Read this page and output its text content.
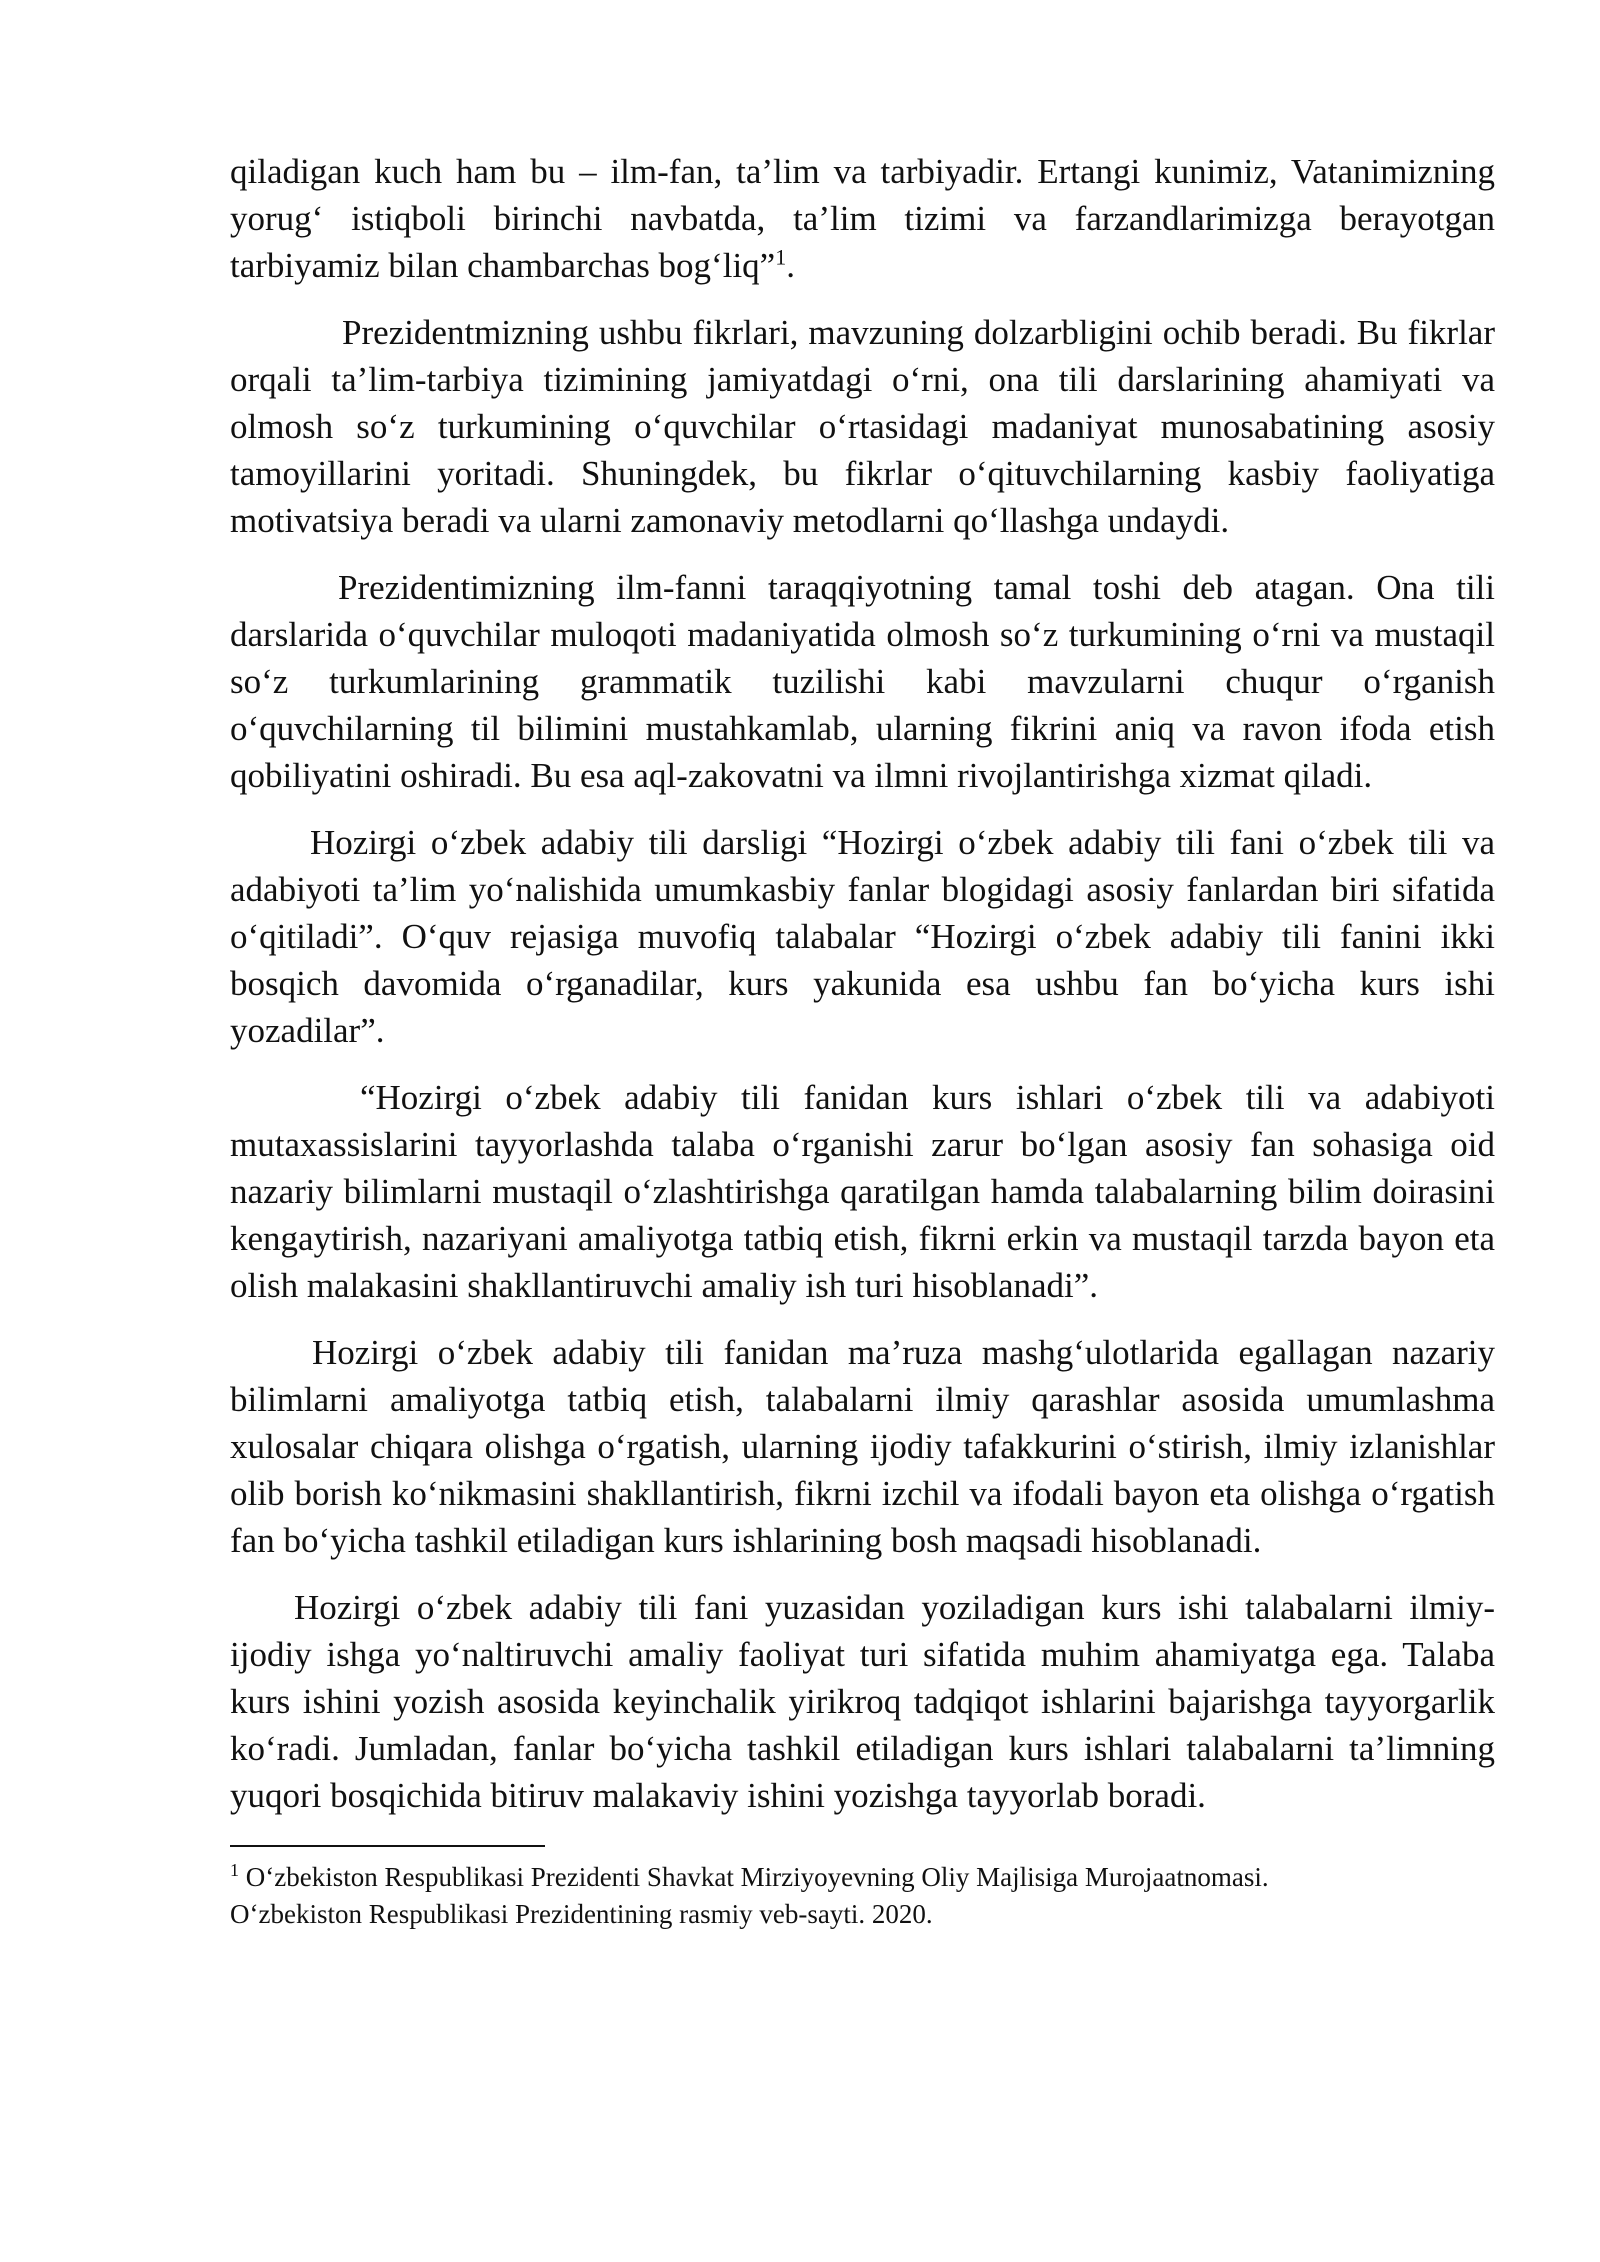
qiladigan kuch ham bu – ilm-fan, ta’lim va tarbiyadir. Ertangi kunimiz, Vatanimizning yorug‘ istiqboli birinchi navbatda, ta’lim tizimi va farzandlarimizga berayotgan tarbiyamiz bilan chambarchas bog‘liq”$^1$.

Prezidentmizning ushbu fikrlari, mavzuning dolzarbligini ochib beradi. Bu fikrlar orqali ta’lim-tarbiya tizimining jamiyatdagi o‘rni, ona tili darslarining ahamiyati va olmosh so‘z turkumining o‘quvchilar o‘rtasidagi madaniyat munosabatining asosiy tamoyillarini yoritadi. Shuningdek, bu fikrlar o‘qituvchilarning kasbiy faoliyatiga motivatsiya beradi va ularni zamonaviy metodlarni qo‘llashga undaydi.

Prezidentimizning ilm-fanni taraqqiyotning tamal toshi deb atagan. Ona tili darslarida o‘quvchilar muloqoti madaniyatida olmosh so‘z turkumining o‘rni va mustaqil so‘z turkumlarining grammatik tuzilishi kabi mavzularni chuqur o‘rganish o‘quvchilarning til bilimini mustahkamlab, ularning fikrini aniq va ravon ifoda etish qobiliyatini oshiradi. Bu esa aql-zakovatni va ilmni rivojlantirishga xizmat qiladi.

Hozirgi o‘zbek adabiy tili darsligi “Hozirgi o‘zbek adabiy tili fani o‘zbek tili va adabiyoti ta’lim yo‘nalishida umumkasbiy fanlar blogidagi asosiy fanlardan biri sifatida o‘qitiladi”. O‘quv rejasiga muvofiq talabalar “Hozirgi o‘zbek adabiy tili fanini ikki bosqich davomida o‘rganadilar, kurs yakunida esa ushbu fan bo‘yicha kurs ishi yozadilar”.

“Hozirgi o‘zbek adabiy tili fanidan kurs ishlari o‘zbek tili va adabiyoti mutaxassislarini tayyorlashda talaba o‘rganishi zarur bo‘lgan asosiy fan sohasiga oid nazariy bilimlarni mustaqil o‘zlashtirishga qaratilgan hamda talabalarning bilim doirasini kengaytirish, nazariyani amaliyotga tatbiq etish, fikrni erkin va mustaqil tarzda bayon eta olish malakasini shakllantiruvchi amaliy ish turi hisoblanadi”.

Hozirgi o‘zbek adabiy tili fanidan ma’ruza mashg‘ulotlarida egallagan nazariy bilimlarni amaliyotga tatbiq etish, talabalarni ilmiy qarashlar asosida umumlashma xulosalar chiqara olishga o‘rgatish, ularning ijodiy tafakkurini o‘stirish, ilmiy izlanishlar olib borish ko‘nikmasini shakllantirish, fikrni izchil va ifodali bayon eta olishga o‘rgatish fan bo‘yicha tashkil etiladigan kurs ishlarining bosh maqsadi hisoblanadi.

Hozirgi o‘zbek adabiy tili fani yuzasidan yoziladigan kurs ishi talabalarni ilmiy-ijodiy ishga yo‘naltiruvchi amaliy faoliyat turi sifatida muhim ahamiyatga ega. Talaba kurs ishini yozish asosida keyinchalik yirikroq tadqiqot ishlarini bajarishga tayyorgarlik ko‘radi. Jumladan, fanlar bo‘yicha tashkil etiladigan kurs ishlari talabalarni ta’limning yuqori bosqichida bitiruv malakaviy ishini yozishga tayyorlab boradi.

$^1$ O‘zbekiston Respublikasi Prezidenti Shavkat Mirziyoyevning Oliy Majlisiga Murojaatnomasi.
O‘zbekiston Respublikasi Prezidentining rasmiy veb-sayti. 2020.
